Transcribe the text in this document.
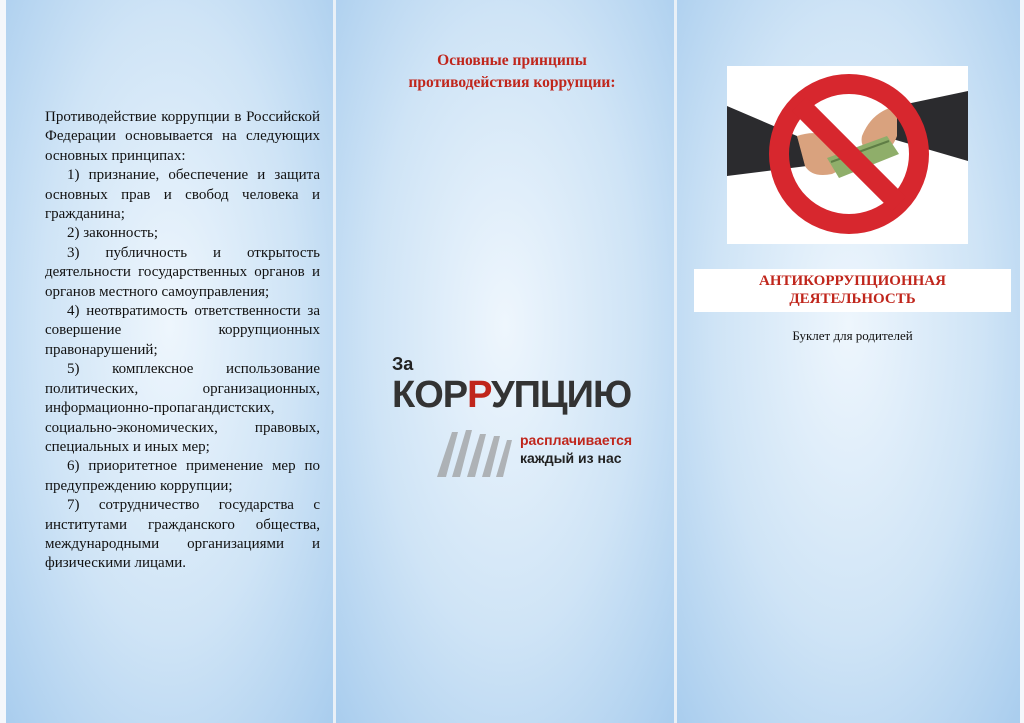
Основные принципы
противодействия коррупции:

Противодействие коррупции в Российской Федерации основывается на следующих основных принципах:

1) признание, обеспечение и защита основных прав и свобод человека и гражданина;

2) законность;

3) публичность и открытость деятельности государственных органов и органов местного самоуправления;

4) неотвратимость ответственности за совершение коррупционных правонарушений;

5) комплексное использование политических, организационных, информационно-пропагандистских, социально-экономических, правовых, специальных и иных мер;

6) приоритетное применение мер по предупреждению коррупции;

7) сотрудничество государства с институтами гражданского общества, международными организациями и физическими лицами.

За
КОРРУПЦИЮ
расплачивается
каждый из нас
АНТИКОРРУПЦИОННАЯ
ДЕЯТЕЛЬНОСТЬ
Буклет для родителей
